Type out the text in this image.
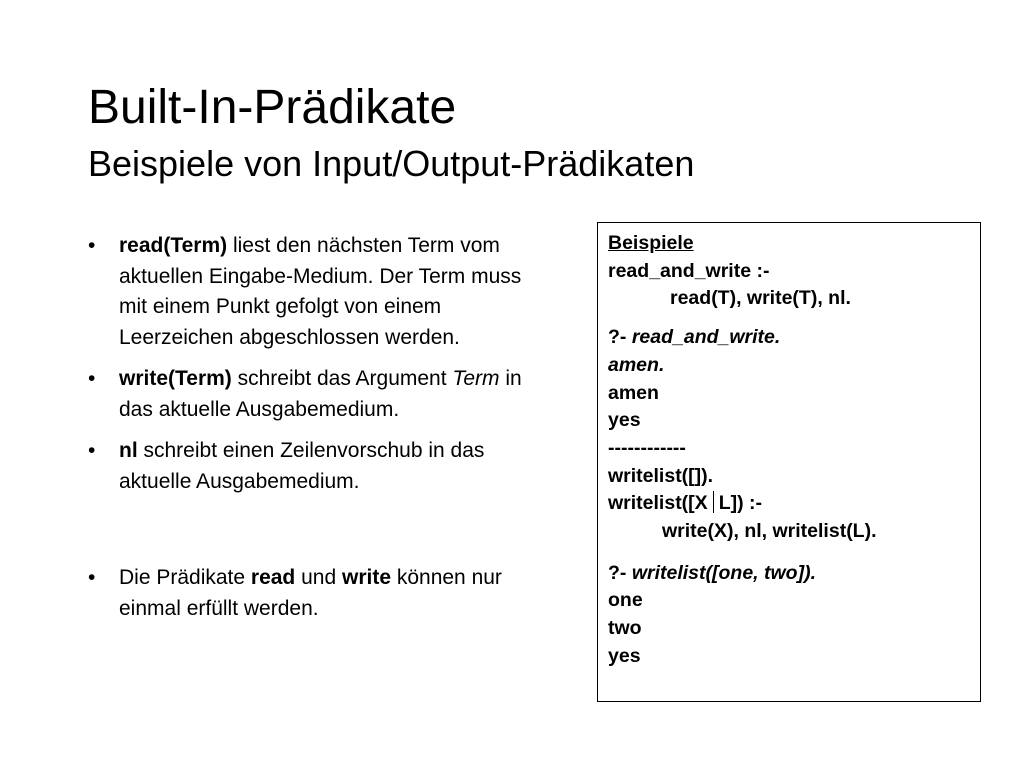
Built-In-Prädikate
Beispiele von Input/Output-Prädikaten
• read(Term) liest den nächsten Term vom aktuellen Eingabe-Medium. Der Term muss mit einem Punkt gefolgt von einem Leerzeichen abgeschlossen werden.
• write(Term) schreibt das Argument Term in das aktuelle Ausgabemedium.
• nl schreibt einen Zeilenvorschub in das aktuelle Ausgabemedium.
• Die Prädikate read und write können nur einmal erfüllt werden.
Beispiele
read_and_write :-
read(T), write(T), nl.
?- read_and_write.
amen.
amen
yes
------------
writelist([]).
writelist([X L]) :-
write(X), nl, writelist(L).
?- writelist([one, two]).
one
two
yes
